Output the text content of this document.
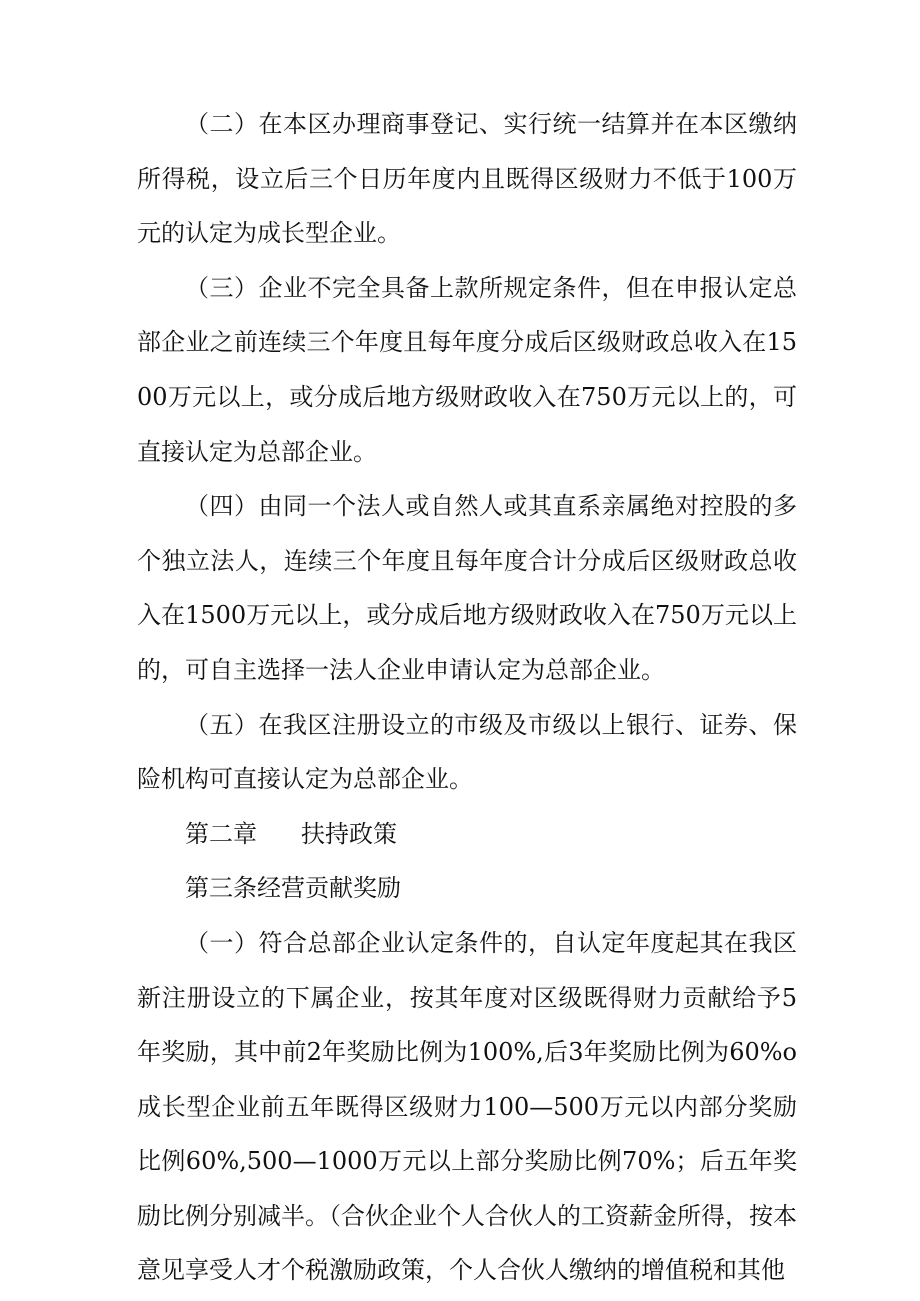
（二）在本区办理商事登记、实行统一结算并在本区缴纳所得税，设立后三个日历年度内且既得区级财力不低于100万元的认定为成长型企业。

（三）企业不完全具备上款所规定条件，但在申报认定总部企业之前连续三个年度且每年度分成后区级财政总收入在1500万元以上，或分成后地方级财政收入在750万元以上的，可直接认定为总部企业。

（四）由同一个法人或自然人或其直系亲属绝对控股的多个独立法人，连续三个年度且每年度合计分成后区级财政总收入在1500万元以上，或分成后地方级财政收入在750万元以上的，可自主选择一法人企业申请认定为总部企业。

（五）在我区注册设立的市级及市级以上银行、证券、保险机构可直接认定为总部企业。

第二章 扶持政策

第三条经营贡献奖励

（一）符合总部企业认定条件的，自认定年度起其在我区新注册设立的下属企业，按其年度对区级既得财力贡献给予5年奖励，其中前2年奖励比例为100%,后3年奖励比例为60%o成长型企业前五年既得区级财力100—500万元以内部分奖励比例60%,500—1000万元以上部分奖励比例70%；后五年奖励比例分别减半。（合伙企业个人合伙人的工资薪金所得，按本意见享受人才个税激励政策，个人合伙人缴纳的增值税和其他
